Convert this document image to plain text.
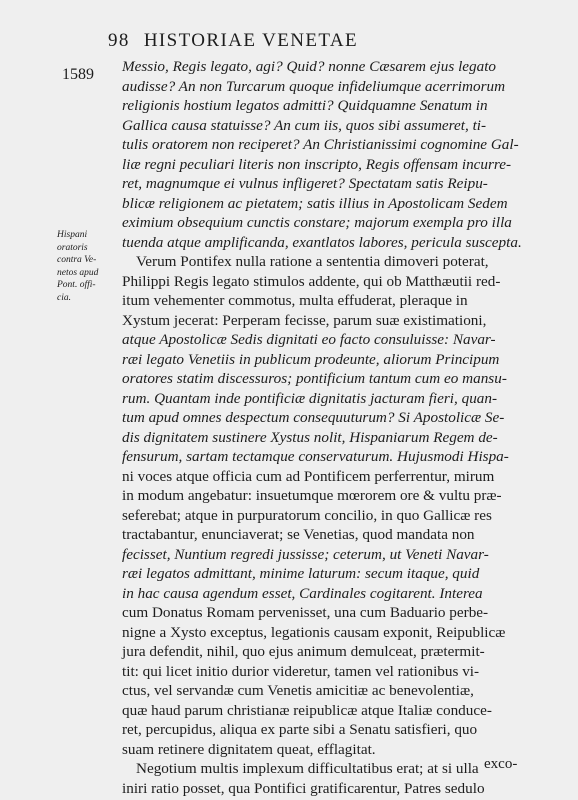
98 HISTORIAE VENETAE
1589
Hispani
oratoris
contra Ve-
netos apud
Pont. offi-
cia.
Messio, Regis legato, agi? Quid? nonne Cæsarem ejus legato
audisse? An non Turcarum quoque infideliumque acerrimorum
religionis hostium legatos admitti? Quidquamne Senatum in
Gallica causa statuisse? An cum iis, quos sibi assumeret, ti-
tulis oratorem non reciperet? An Christianissimi cognomine Gal-
liæ regni peculiari literis non inscripto, Regis offensam incurre-
ret, magnumque ei vulnus infligeret? Spectatam satis Reipu-
blicæ religionem ac pietatem; satis illius in Apostolicam Sedem
eximium obsequium cunctis constare; majorum exempla pro illa
tuenda atque amplificanda, exantlatos labores, pericula suscepta.
Verum Pontifex nulla ratione a sententia dimoveri poterat,
Philippi Regis legato stimulos addente, qui ob Matthæutii red-
itum vehementer commotus, multa effuderat, pleraque in
Xystum jecerat: Perperam fecisse, parum suæ existimationi,
atque Apostolicæ Sedis dignitati eo facto consuluisse: Navar-
ræi legato Venetiis in publicum prodeunte, aliorum Principum
oratores statim discessuros; pontificium tantum cum eo mansu-
rum. Quantam inde pontificiæ dignitatis jacturam fieri, quan-
tum apud omnes despectum consequuturum? Si Apostolicæ Se-
dis dignitatem sustinere Xystus nolit, Hispaniarum Regem de-
fensurum, sartam tectamque conservaturum. Hujusmodi Hispa-
ni voces atque officia cum ad Pontificem perferrentur, mirum
in modum angebatur: insuetumque mœrorem ore & vultu præ-
seferebat; atque in purpuratorum concilio, in quo Gallicæ res
tractabantur, enunciaverat; se Venetias, quod mandata non
fecisset, Nuntium regredi jussisse; ceterum, ut Veneti Navar-
ræi legatos admittant, minime laturum: secum itaque, quid
in hac causa agendum esset, Cardinales cogitarent. Interea
cum Donatus Romam pervenisset, una cum Baduario perbe-
nigne a Xysto exceptus, legationis causam exponit, Reipublicæ
jura defendit, nihil, quo ejus animum demulceat, prætermit-
tit: qui licet initio durior videretur, tamen vel rationibus vi-
ctus, vel servandæ cum Venetis amicitiæ ac benevolentiæ,
quæ haud parum christianæ reipublicæ atque Italiæ conduce-
ret, percupidus, aliqua ex parte sibi a Senatu satisfieri, quo
suam retinere dignitatem queat, efflagitat.
Negotium multis implexum difficultatibus erat; at si ulla
iniri ratio posset, qua Pontifici gratificarentur, Patres sedulo
exco-
